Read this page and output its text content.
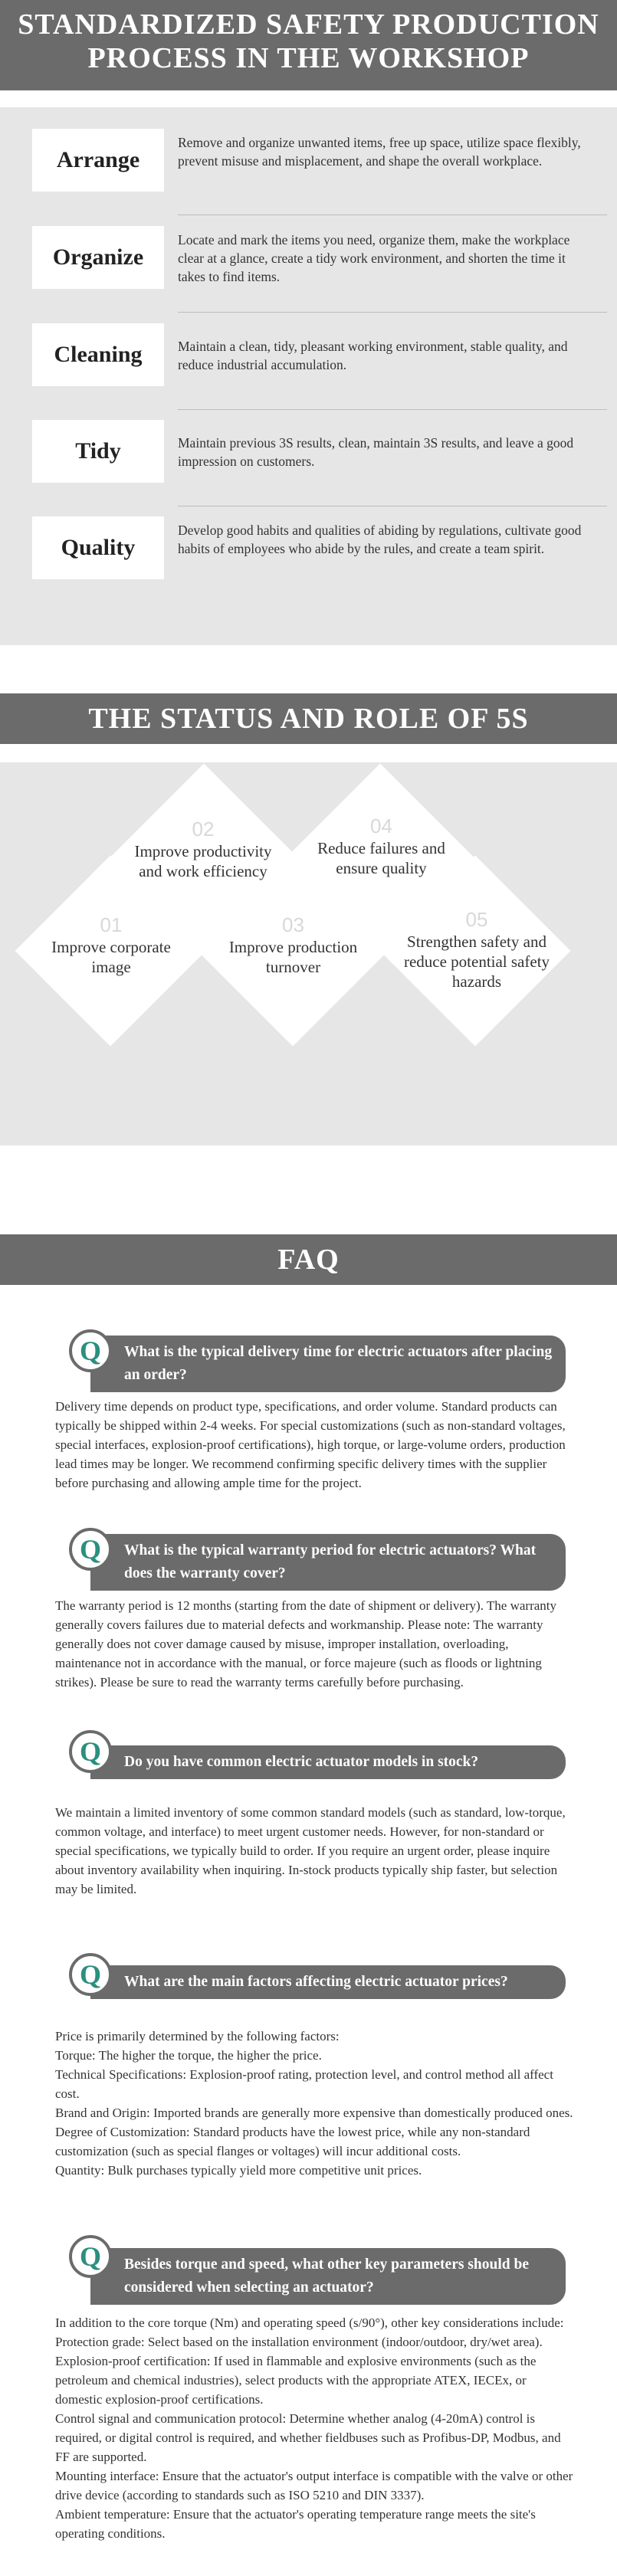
STANDARDIZED SAFETY PRODUCTION
PROCESS IN THE WORKSHOP
Arrange
Remove and organize unwanted items, free up space, utilize space flexibly, prevent misuse and misplacement, and shape the overall workplace.
Organize
Locate and mark the items you need, organize them, make the workplace clear at a glance, create a tidy work environment, and shorten the time it takes to find items.
Cleaning	Maintain a clean, tidy, pleasant working environment, stable quality, and reduce industrial accumulation.
Tidy	Maintain previous 3S results, clean, maintain 3S results, and leave a good impression on customers.
Quality
Develop good habits and qualities of abiding by regulations, cultivate good habits of employees who abide by the rules, and create a team spirit.
THE STATUS AND ROLE OF 5S
02
Improve productivity and work efficiency
04
Reduce failures and ensure quality
01
Improve corporate image
03
Improve production turnover
05
Strengthen safety and reduce potential safety hazards
FAQ
What is the typical delivery time for electric actuators after placing an order?
Q

Delivery time depends on product type, specifications, and order volume. Standard products can typically be shipped within 2-4 weeks. For special customizations (such as non-standard voltages, special interfaces, explosion-proof certifications), high torque, or large-volume orders, production lead times may be longer. We recommend confirming specific delivery times with the supplier before purchasing and allowing ample time for the project.

What is the typical warranty period for electric actuators? What does the warranty cover?
Q

The warranty period is 12 months (starting from the date of shipment or delivery). The warranty generally covers failures due to material defects and workmanship. Please note: The warranty generally does not cover damage caused by misuse, improper installation, overloading, maintenance not in accordance with the manual, or force majeure (such as floods or lightning strikes). Please be sure to read the warranty terms carefully before purchasing.

Do you have common electric actuator models in stock?
Q

We maintain a limited inventory of some common standard models (such as standard, low-torque, common voltage, and interface) to meet urgent customer needs. However, for non-standard or special specifications, we typically build to order. If you require an urgent order, please inquire about inventory availability when inquiring. In-stock products typically ship faster, but selection may be limited.

What are the main factors affecting electric actuator prices?
Q

Price is primarily determined by the following factors:

Torque: The higher the torque, the higher the price.

Technical Specifications: Explosion-proof rating, protection level, and control method all affect cost.

Brand and Origin: Imported brands are generally more expensive than domestically produced ones.

Degree of Customization: Standard products have the lowest price, while any non-standard customization (such as special flanges or voltages) will incur additional costs.

Quantity: Bulk purchases typically yield more competitive unit prices.

Besides torque and speed, what other key parameters should be considered when selecting an actuator?
Q

In addition to the core torque (Nm) and operating speed (s/90°), other key considerations include:

Protection grade: Select based on the installation environment (indoor/outdoor, dry/wet area).

Explosion-proof certification: If used in flammable and explosive environments (such as the petroleum and chemical industries), select products with the appropriate ATEX, IECEx, or domestic explosion-proof certifications.

Control signal and communication protocol: Determine whether analog (4-20mA) control is required, or digital control is required, and whether fieldbuses such as Profibus-DP, Modbus, and FF are supported.

Mounting interface: Ensure that the actuator's output interface is compatible with the valve or other drive device (according to standards such as ISO 5210 and DIN 3337).

Ambient temperature: Ensure that the actuator's operating temperature range meets the site's operating conditions.
